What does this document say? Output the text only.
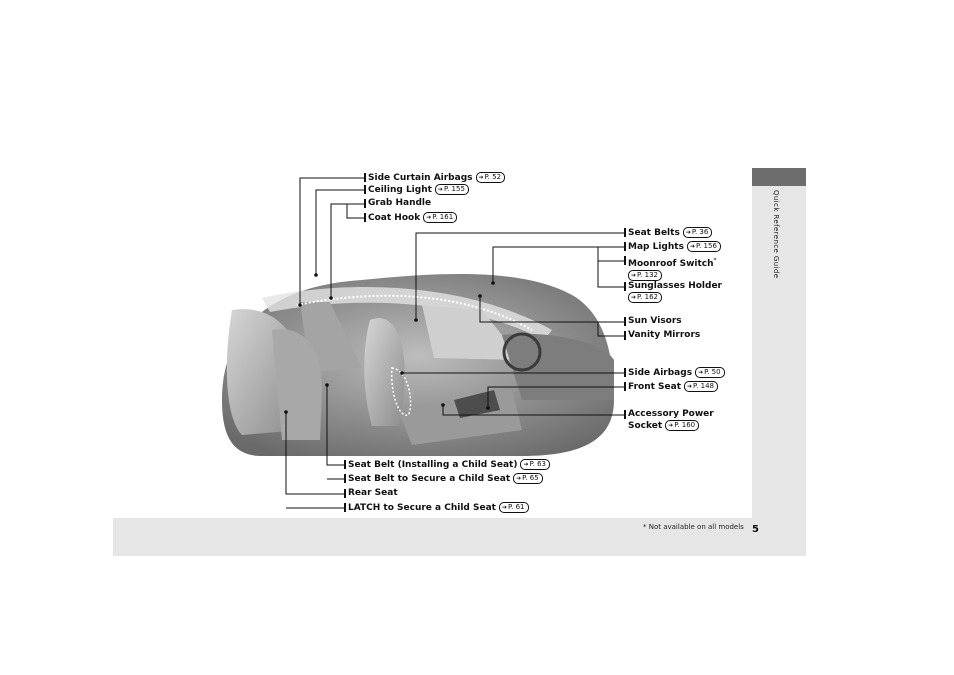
Quick Reference Guide
5
* Not available on all models
Side Curtain Airbags ➔P. 52
Ceiling Light ➔P. 155
Grab Handle
Coat Hook ➔P. 161
Seat Belts ➔P. 36
Map Lights ➔P. 156
Moonroof Switch*
➔P. 132
Sunglasses Holder
➔P. 162
Sun Visors
Vanity Mirrors
Side Airbags ➔P. 50
Front Seat ➔P. 148
Accessory Power
Socket ➔P. 160
Seat Belt (Installing a Child Seat) ➔P. 63
Seat Belt to Secure a Child Seat ➔P. 65
Rear Seat
LATCH to Secure a Child Seat ➔P. 61
